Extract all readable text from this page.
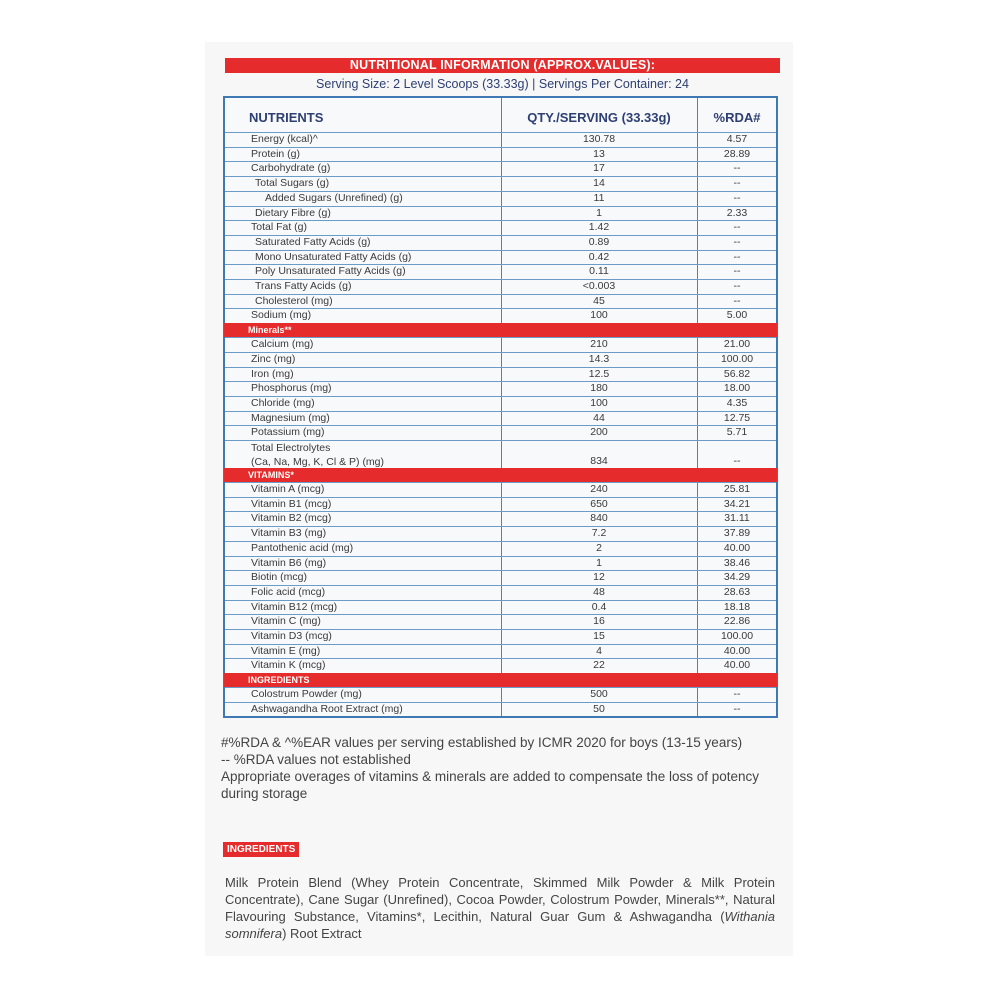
NUTRITIONAL INFORMATION (APPROX.VALUES):
Serving Size: 2 Level Scoops (33.33g) | Servings Per Container: 24
NUTRIENTS	QTY./SERVING (33.33g)	%RDA#
Energy (kcal)^	130.78	4.57
Protein (g)	13	28.89
Carbohydrate (g)	17	--
Total Sugars (g)	14	--
Added Sugars (Unrefined) (g)	11	--
Dietary Fibre (g)	1	2.33
Total Fat (g)	1.42	--
Saturated Fatty Acids (g)	0.89	--
Mono Unsaturated Fatty Acids (g)	0.42	--
Poly Unsaturated Fatty Acids (g)	0.11	--
Trans Fatty Acids (g)	<0.003	--
Cholesterol (mg)	45	--
Sodium (mg)	100	5.00
Minerals**
Calcium (mg)	210	21.00
Zinc (mg)	14.3	100.00
Iron (mg)	12.5	56.82
Phosphorus (mg)	180	18.00
Chloride (mg)	100	4.35
Magnesium (mg)	44	12.75
Potassium (mg)	200	5.71
Total Electrolytes
(Ca, Na, Mg, K, Cl & P) (mg)	834	--
VITAMINS*
Vitamin A (mcg)	240	25.81
Vitamin B1 (mcg)	650	34.21
Vitamin B2 (mcg)	840	31.11
Vitamin B3 (mg)	7.2	37.89
Pantothenic acid (mg)	2	40.00
Vitamin B6 (mg)	1	38.46
Biotin (mcg)	12	34.29
Folic acid (mcg)	48	28.63
Vitamin B12 (mcg)	0.4	18.18
Vitamin C (mg)	16	22.86
Vitamin D3 (mcg)	15	100.00
Vitamin E (mg)	4	40.00
Vitamin K (mcg)	22	40.00
INGREDIENTS
Colostrum Powder (mg)	500	--
Ashwagandha Root Extract (mg)	50	--

#%RDA & ^%EAR values per serving established by ICMR 2020 for boys (13-15 years)

-- %RDA values not established

Appropriate overages of vitamins & minerals are added to compensate the loss of potency during storage

INGREDIENTS
Milk Protein Blend (Whey Protein Concentrate, Skimmed Milk Powder & Milk Protein Concentrate), Cane Sugar (Unrefined), Cocoa Powder, Colostrum Powder, Minerals**, Natural Flavouring Substance, Vitamins*, Lecithin, Natural Guar Gum & Ashwagandha (Withania somnifera) Root Extract
